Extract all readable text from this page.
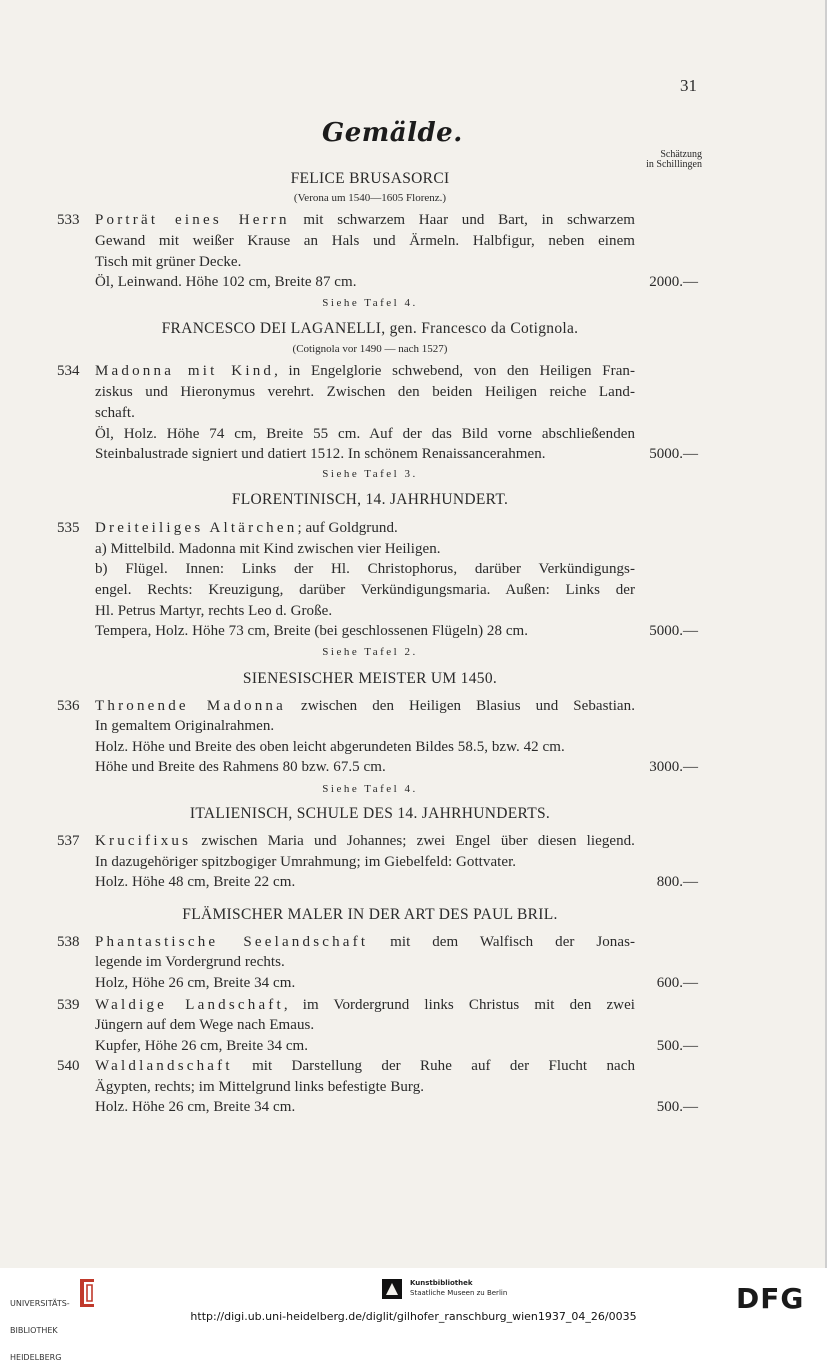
31
Gemälde.
Schätzung
in Schillingen
FELICE BRUSASORCI
(Verona um 1540—1605 Florenz.)
533 Porträt eines Herrn mit schwarzem Haar und Bart, in schwarzem
Gewand mit weißer Krause an Hals und Ärmeln. Halbfigur, neben einem
Tisch mit grüner Decke.
Öl, Leinwand. Höhe 102 cm, Breite 87 cm.	2000.—
Siehe Tafel 4.
FRANCESCO DEI LAGANELLI, gen. Francesco da Cotignola.
(Cotignola vor 1490 — nach 1527)
534 Madonna mit Kind, in Engelglorie schwebend, von den Heiligen Fran-
ziskus und Hieronymus verehrt. Zwischen den beiden Heiligen reiche Land-
schaft.
Öl, Holz. Höhe 74 cm, Breite 55 cm. Auf der das Bild vorne abschließenden
Steinbalustrade signiert und datiert 1512. In schönem Renaissancerahmen.	5000.—
Siehe Tafel 3.
FLORENTINISCH, 14. JAHRHUNDERT.
535 Dreiteiliges Altärchen; auf Goldgrund.
a) Mittelbild. Madonna mit Kind zwischen vier Heiligen.
b) Flügel. Innen: Links der Hl. Christophorus, darüber Verkündigungs-
engel. Rechts: Kreuzigung, darüber Verkündigungsmaria. Außen: Links der
Hl. Petrus Martyr, rechts Leo d. Große.
Tempera, Holz. Höhe 73 cm, Breite (bei geschlossenen Flügeln) 28 cm.	5000.—
Siehe Tafel 2.
SIENESISCHER MEISTER UM 1450.
536 Thronende Madonna zwischen den Heiligen Blasius und Sebastian.
In gemaltem Originalrahmen.
Holz. Höhe und Breite des oben leicht abgerundeten Bildes 58.5, bzw. 42 cm.
Höhe und Breite des Rahmens 80 bzw. 67.5 cm.	3000.—
Siehe Tafel 4.
ITALIENISCH, SCHULE DES 14. JAHRHUNDERTS.
537 Krucifixus zwischen Maria und Johannes; zwei Engel über diesen liegend.
In dazugehöriger spitzbogiger Umrahmung; im Giebelfeld: Gottvater.
Holz. Höhe 48 cm, Breite 22 cm.	800.—
FLÄMISCHER MALER IN DER ART DES PAUL BRIL.
538 Phantastische Seelandschaft mit dem Walfisch der Jonas-
legende im Vordergrund rechts.
Holz, Höhe 26 cm, Breite 34 cm.	600.—
539 Waldige Landschaft, im Vordergrund links Christus mit den zwei
Jüngern auf dem Wege nach Emaus.
Kupfer, Höhe 26 cm, Breite 34 cm.	500.—
540 Waldlandschaft mit Darstellung der Ruhe auf der Flucht nach
Ägypten, rechts; im Mittelgrund links befestigte Burg.
Holz. Höhe 26 cm, Breite 34 cm.	500.—

UNIVERSITÄTS-

BIBLIOTHEK

HEIDELBERG

Kunstbibliothek
Staatliche Museen zu Berlin	DFG
http://digi.ub.uni-heidelberg.de/diglit/gilhofer_ranschburg_wien1937_04_26/0035
